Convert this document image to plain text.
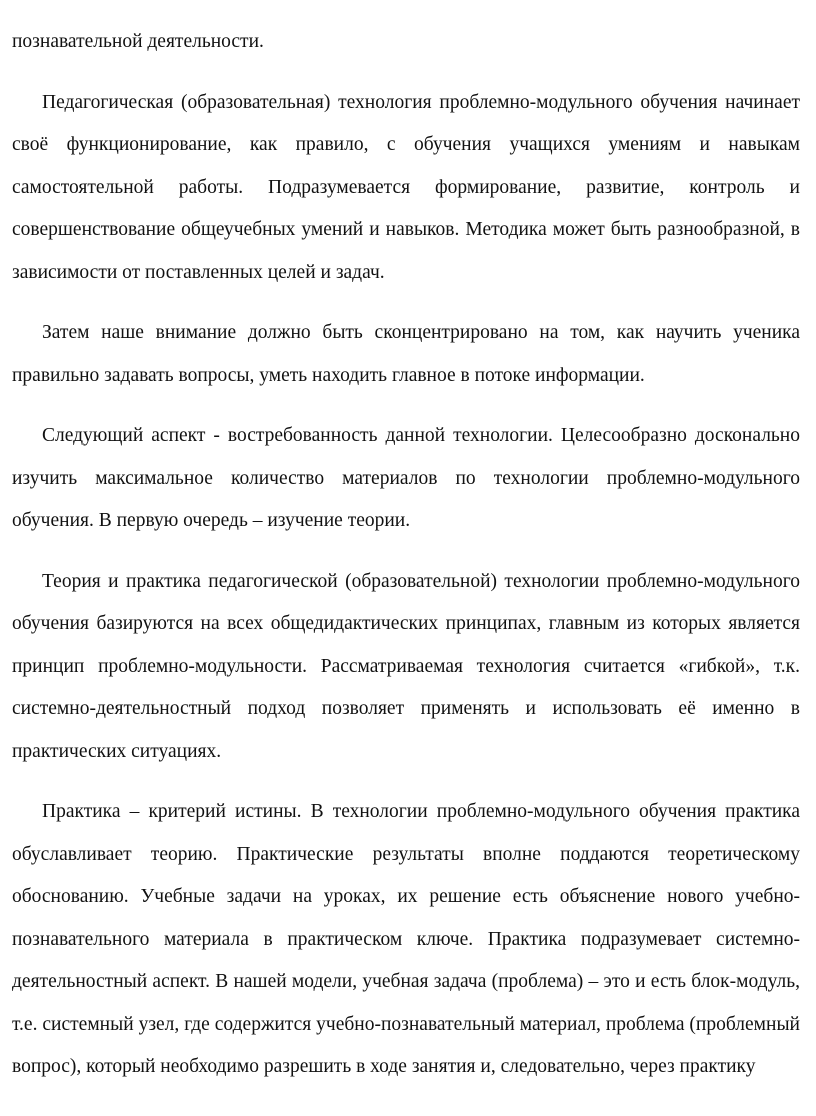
познавательной деятельности.

Педагогическая (образовательная) технология проблемно-модульного обучения начинает своё функционирование, как правило, с обучения учащихся умениям и навыкам самостоятельной работы. Подразумевается формирование, развитие, контроль и совершенствование общеучебных умений и навыков. Методика может быть разнообразной, в зависимости от поставленных целей и задач.

Затем наше внимание должно быть сконцентрировано на том, как научить ученика правильно задавать вопросы, уметь находить главное в потоке информации.

Следующий аспект - востребованность данной технологии. Целесообразно досконально изучить максимальное количество материалов по технологии проблемно-модульного обучения. В первую очередь – изучение теории.

Теория и практика педагогической (образовательной) технологии проблемно-модульного обучения базируются на всех общедидактических принципах, главным из которых является принцип проблемно-модульности. Рассматриваемая технология считается «гибкой», т.к. системно-деятельностный подход позволяет применять и использовать её именно в практических ситуациях.

Практика – критерий истины. В технологии проблемно-модульного обучения практика обуславливает теорию. Практические результаты вполне поддаются теоретическому обоснованию. Учебные задачи на уроках, их решение есть объяснение нового учебно-познавательного материала в практическом ключе. Практика подразумевает системно-деятельностный аспект. В нашей модели, учебная задача (проблема) – это и есть блок-модуль, т.е. системный узел, где содержится учебно-познавательный материал, проблема (проблемный вопрос), который необходимо разрешить в ходе занятия и, следовательно, через практику
